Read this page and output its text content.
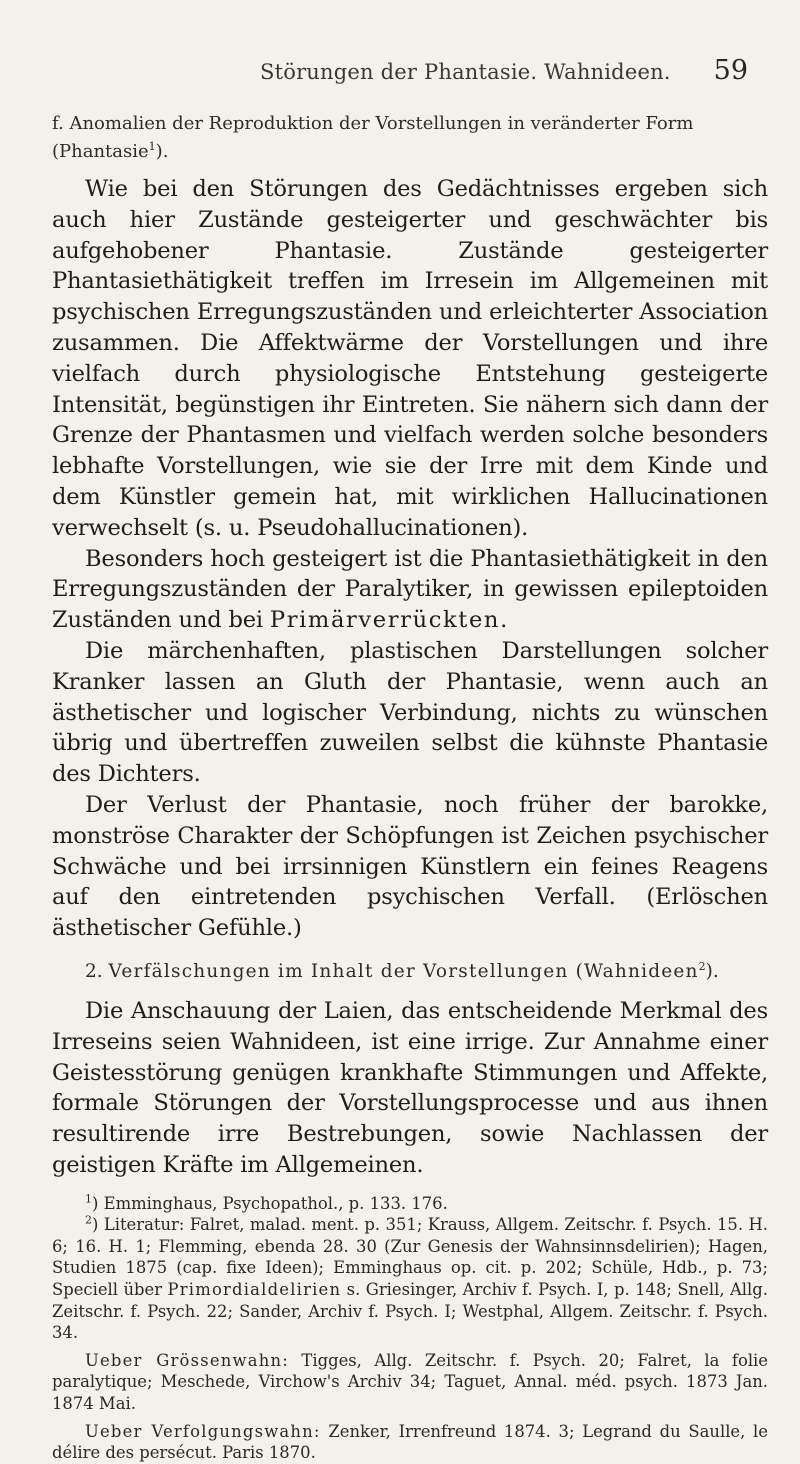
Störungen der Phantasie. Wahnideen. 59

f. Anomalien der Reproduktion der Vorstellungen in veränderter Form (Phantasie$^1$).

Wie bei den Störungen des Gedächtnisses ergeben sich auch hier Zustände gesteigerter und geschwächter bis aufgehobener Phantasie. Zustände gesteigerter Phantasiethätigkeit treffen im Irresein im Allgemeinen mit psychischen Erregungszuständen und erleichterter Association zusammen. Die Affektwärme der Vorstellungen und ihre vielfach durch physiologische Entstehung gesteigerte Intensität, begünstigen ihr Eintreten. Sie nähern sich dann der Grenze der Phantasmen und vielfach werden solche besonders lebhafte Vorstellungen, wie sie der Irre mit dem Kinde und dem Künstler gemein hat, mit wirklichen Hallucinationen verwechselt (s. u. Pseudohallucinationen).

Besonders hoch gesteigert ist die Phantasiethätigkeit in den Erregungszuständen der Paralytiker, in gewissen epileptoiden Zuständen und bei Primärverrückten.

Die märchenhaften, plastischen Darstellungen solcher Kranker lassen an Gluth der Phantasie, wenn auch an ästhetischer und logischer Verbindung, nichts zu wünschen übrig und übertreffen zuweilen selbst die kühnste Phantasie des Dichters.

Der Verlust der Phantasie, noch früher der barokke, monströse Charakter der Schöpfungen ist Zeichen psychischer Schwäche und bei irrsinnigen Künstlern ein feines Reagens auf den eintretenden psychischen Verfall. (Erlöschen ästhetischer Gefühle.)

2. Verfälschungen im Inhalt der Vorstellungen (Wahnideen$^2$).

Die Anschauung der Laien, das entscheidende Merkmal des Irreseins seien Wahnideen, ist eine irrige. Zur Annahme einer Geistesstörung genügen krankhafte Stimmungen und Affekte, formale Störungen der Vorstellungsprocesse und aus ihnen resultirende irre Bestrebungen, sowie Nachlassen der geistigen Kräfte im Allgemeinen.

$^1$) Emminghaus, Psychopathol., p. 133. 176.

$^2$) Literatur: Falret, malad. ment. p. 351; Krauss, Allgem. Zeitschr. f. Psych. 15. H. 6; 16. H. 1; Flemming, ebenda 28. 30 (Zur Genesis der Wahnsinnsdelirien); Hagen, Studien 1875 (cap. fixe Ideen); Emminghaus op. cit. p. 202; Schüle, Hdb., p. 73; Speciell über Primordialdelirien s. Griesinger, Archiv f. Psych. I, p. 148; Snell, Allg. Zeitschr. f. Psych. 22; Sander, Archiv f. Psych. I; Westphal, Allgem. Zeitschr. f. Psych. 34.

Ueber Grössenwahn: Tigges, Allg. Zeitschr. f. Psych. 20; Falret, la folie paralytique; Meschede, Virchow's Archiv 34; Taguet, Annal. méd. psych. 1873 Jan. 1874 Mai.

Ueber Verfolgungswahn: Zenker, Irrenfreund 1874. 3; Legrand du Saulle, le délire des persécut. Paris 1870.
